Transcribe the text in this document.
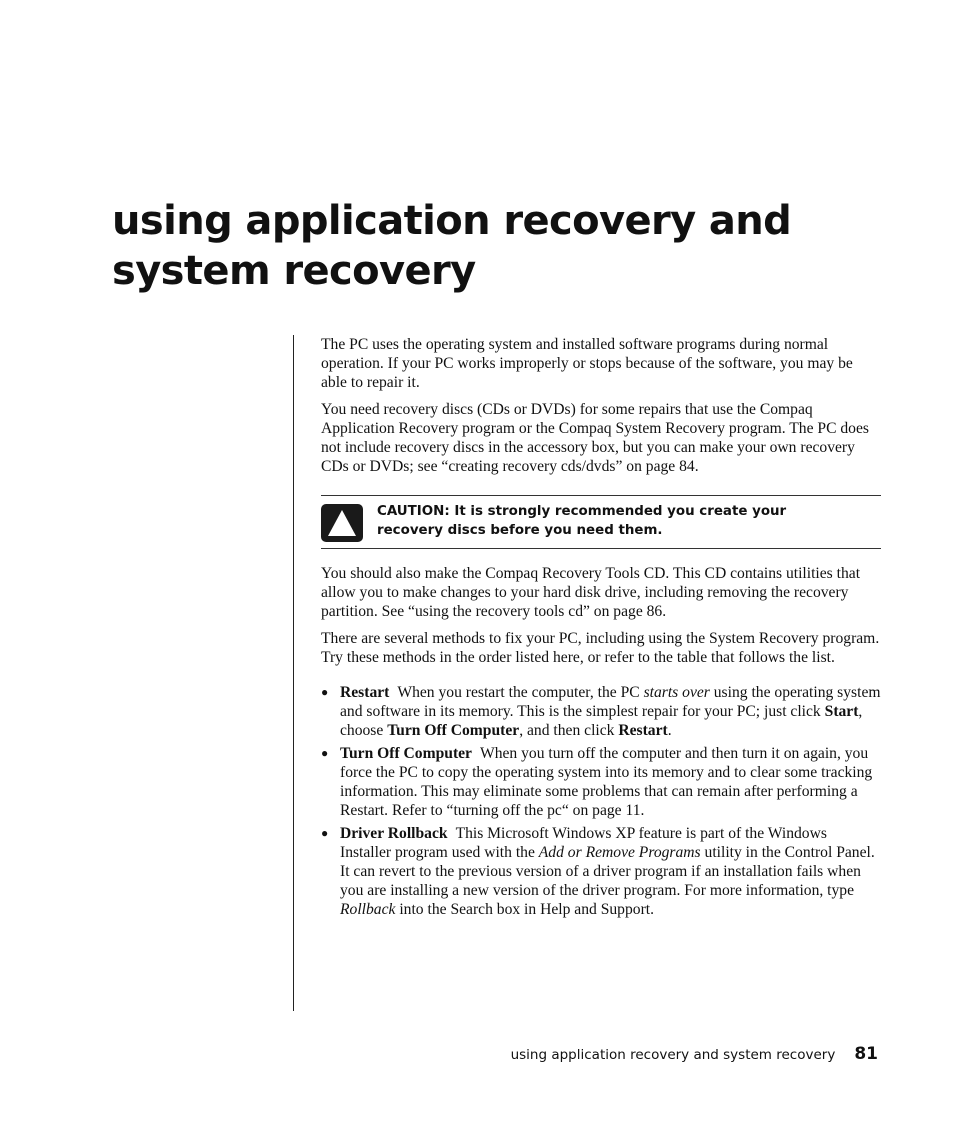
using application recovery and
system recovery

The PC uses the operating system and installed software programs during normal operation. If your PC works improperly or stops because of the software, you may be able to repair it.

You need recovery discs (CDs or DVDs) for some repairs that use the Compaq Application Recovery program or the Compaq System Recovery program. The PC does not include recovery discs in the accessory box, but you can make your own recovery CDs or DVDs; see “creating recovery cds/dvds” on page 84.

CAUTION: It is strongly recommended you create your recovery discs before you need them.

You should also make the Compaq Recovery Tools CD. This CD contains utilities that allow you to make changes to your hard disk drive, including removing the recovery partition. See “using the recovery tools cd” on page 86.

There are several methods to fix your PC, including using the System Recovery program. Try these methods in the order listed here, or refer to the table that follows the list.

● Restart When you restart the computer, the PC starts over using the operating system and software in its memory. This is the simplest repair for your PC; just click Start, choose Turn Off Computer, and then click Restart.
● Turn Off Computer When you turn off the computer and then turn it on again, you force the PC to copy the operating system into its memory and to clear some tracking information. This may eliminate some problems that can remain after performing a Restart. Refer to “turning off the pc“ on page 11.
● Driver Rollback This Microsoft Windows XP feature is part of the Windows Installer program used with the Add or Remove Programs utility in the Control Panel. It can revert to the previous version of a driver program if an installation fails when you are installing a new version of the driver program. For more information, type Rollback into the Search box in Help and Support.
using application recovery and system recovery 81
